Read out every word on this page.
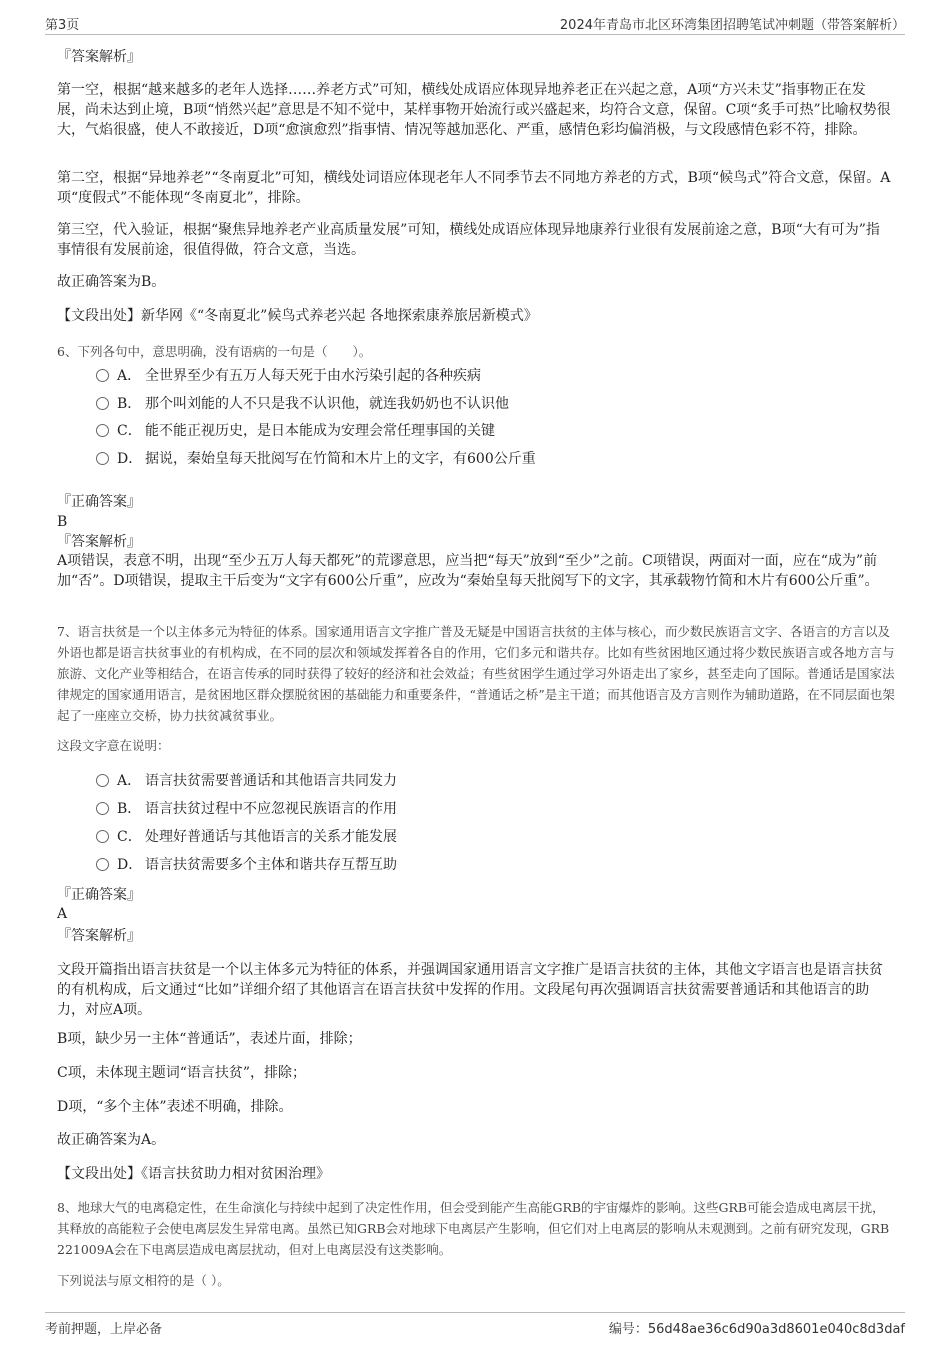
第3页	2024年青岛市北区环湾集团招聘笔试冲刺题（带答案解析）

『答案解析』

第一空，根据“越来越多的老年人选择……养老方式”可知，横线处成语应体现异地养老正在兴起之意，A项“方兴未艾”指事物正在发展，尚未达到止境，B项“悄然兴起”意思是不知不觉中，某样事物开始流行或兴盛起来，均符合文意，保留。C项“炙手可热”比喻权势很大，气焰很盛，使人不敢接近，D项“愈演愈烈”指事情、情况等越加恶化、严重，感情色彩均偏消极，与文段感情色彩不符，排除。

第二空，根据“异地养老”“冬南夏北”可知，横线处词语应体现老年人不同季节去不同地方养老的方式，B项“候鸟式”符合文意，保留。A项“度假式”不能体现“冬南夏北”，排除。

第三空，代入验证，根据“聚焦异地养老产业高质量发展”可知，横线处成语应体现异地康养行业很有发展前途之意，B项“大有可为”指事情很有发展前途，很值得做，符合文意，当选。

故正确答案为B。

【文段出处】新华网《“冬南夏北”候鸟式养老兴起 各地探索康养旅居新模式》

6、下列各句中，意思明确，没有语病的一句是（　　）。

A． 全世界至少有五万人每天死于由水污染引起的各种疾病
B． 那个叫刘能的人不只是我不认识他，就连我奶奶也不认识他
C． 能不能正视历史，是日本能成为安理会常任理事国的关键
D． 据说，秦始皇每天批阅写在竹简和木片上的文字，有600公斤重

『正确答案』

B

『答案解析』

A项错误，表意不明，出现“至少五万人每天都死”的荒谬意思，应当把“每天”放到“至少”之前。C项错误，两面对一面，应在“成为”前加“否”。D项错误，提取主干后变为“文字有600公斤重”，应改为“秦始皇每天批阅写下的文字，其承载物竹简和木片有600公斤重”。

7、语言扶贫是一个以主体多元为特征的体系。国家通用语言文字推广普及无疑是中国语言扶贫的主体与核心，而少数民族语言文字、各语言的方言以及外语也都是语言扶贫事业的有机构成，在不同的层次和领域发挥着各自的作用，它们多元和谐共存。比如有些贫困地区通过将少数民族语言或各地方言与旅游、文化产业等相结合，在语言传承的同时获得了较好的经济和社会效益；有些贫困学生通过学习外语走出了家乡，甚至走向了国际。普通话是国家法律规定的国家通用语言，是贫困地区群众摆脱贫困的基础能力和重要条件，“普通话之桥”是主干道；而其他语言及方言则作为辅助道路，在不同层面也架起了一座座立交桥，协力扶贫减贫事业。

这段文字意在说明：

A． 语言扶贫需要普通话和其他语言共同发力
B． 语言扶贫过程中不应忽视民族语言的作用
C． 处理好普通话与其他语言的关系才能发展
D． 语言扶贫需要多个主体和谐共存互帮互助

『正确答案』

A

『答案解析』

文段开篇指出语言扶贫是一个以主体多元为特征的体系，并强调国家通用语言文字推广是语言扶贫的主体，其他文字语言也是语言扶贫的有机构成，后文通过“比如”详细介绍了其他语言在语言扶贫中发挥的作用。文段尾句再次强调语言扶贫需要普通话和其他语言的助力，对应A项。

B项，缺少另一主体“普通话”，表述片面，排除；

C项，未体现主题词“语言扶贫”，排除；

D项，“多个主体”表述不明确，排除。

故正确答案为A。

【文段出处】《语言扶贫助力相对贫困治理》

8、地球大气的电离稳定性，在生命演化与持续中起到了决定性作用，但会受到能产生高能GRB的宇宙爆炸的影响。这些GRB可能会造成电离层干扰，其释放的高能粒子会使电离层发生异常电离。虽然已知GRB会对地球下电离层产生影响，但它们对上电离层的影响从未观测到。之前有研究发现，GRB 221009A会在下电离层造成电离层扰动，但对上电离层没有这类影响。

下列说法与原文相符的是（ ）。

考前押题，上岸必备	编号：56d48ae36c6d90a3d8601e040c8d3daf
